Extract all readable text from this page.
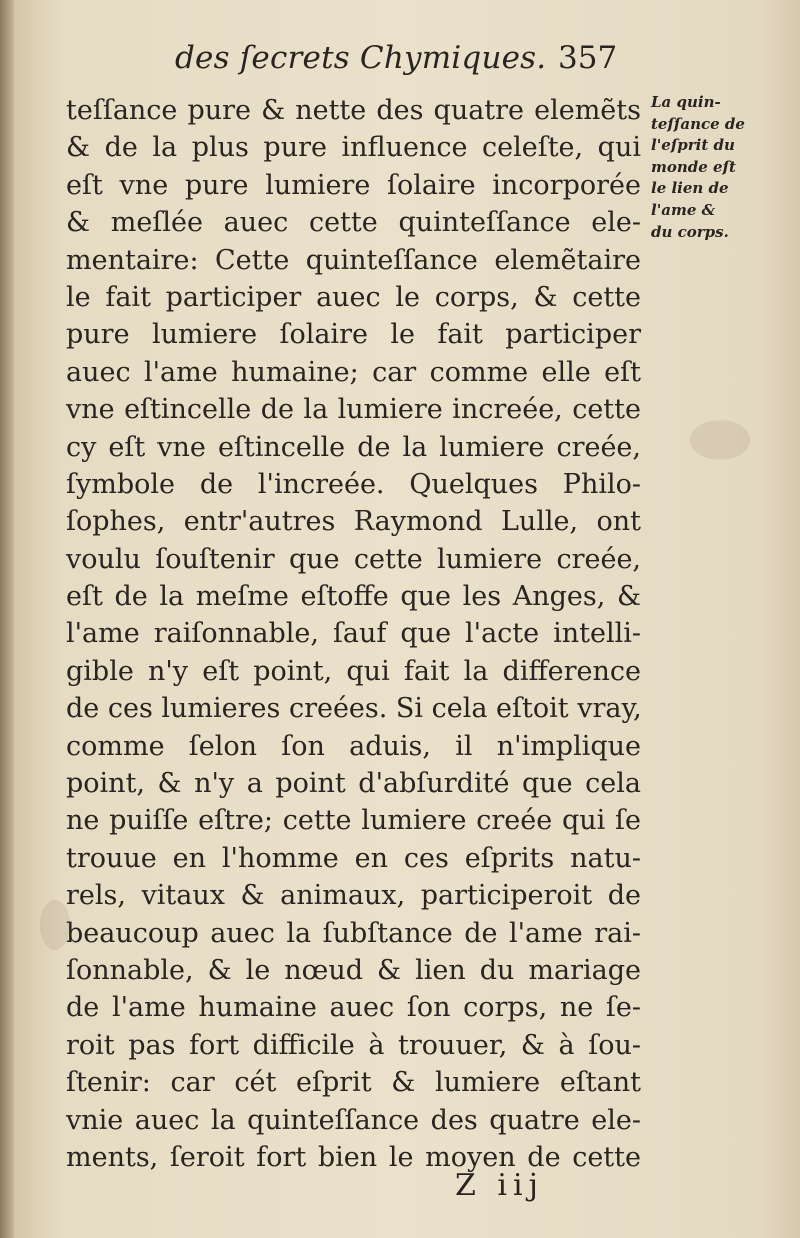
des ſecrets Chymiques. 357
teſſance pure & nette des quatre elemẽts
& de la plus pure influence celeſte, qui
eſt vne pure lumiere ſolaire incorporée
& meſlée auec cette quinteſſance ele-
mentaire: Cette quinteſſance elemẽtaire
le fait participer auec le corps, & cette
pure lumiere ſolaire le fait participer
auec l'ame humaine; car comme elle eſt
vne eſtincelle de la lumiere increée, cette
cy eſt vne eſtincelle de la lumiere creée,
ſymbole de l'increée. Quelques Philo-
ſophes, entr'autres Raymond Lulle, ont
voulu ſouſtenir que cette lumiere creée,
eſt de la meſme eſtoffe que les Anges, &
l'ame raiſonnable, ſauf que l'acte intelli-
gible n'y eſt point, qui fait la difference
de ces lumieres creées. Si cela eſtoit vray,
comme ſelon ſon aduis, il n'implique
point, & n'y a point d'abſurdité que cela
ne puiſſe eſtre; cette lumiere creée qui ſe
trouue en l'homme en ces eſprits natu-
rels, vitaux & animaux, participeroit de
beaucoup auec la ſubſtance de l'ame rai-
ſonnable, & le nœud & lien du mariage
de l'ame humaine auec ſon corps, ne ſe-
roit pas fort difficile à trouuer, & à ſou-
ſtenir: car cét eſprit & lumiere eſtant
vnie auec la quinteſſance des quatre ele-
ments, ſeroit fort bien le moyen de cette
La quin-
teſſance de
l'eſprit du
monde eſt
le lien de
l'ame &
du corps.
Z iij
